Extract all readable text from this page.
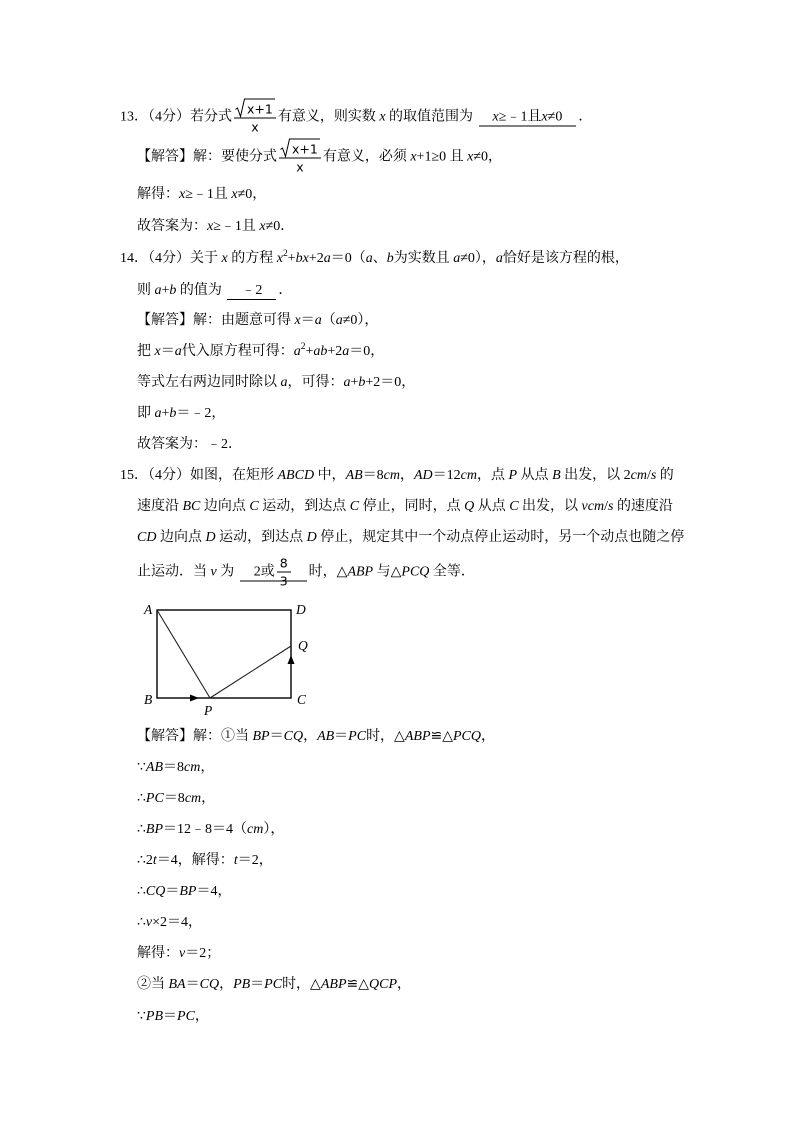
13．（4分）若分式 $\frac{x+1}{x}$ 有意义，则实数 x 的取值范围为 x ≥﹣1且 x ≠0 ．
【解答】解：要使分式 $\frac{x+1}{x}$ 有意义，必须 x +1≥0 且 x ≠0，
解得： x ≥﹣1且 x ≠0，
故答案为： x ≥﹣1且 x ≠0．
14．（4分）关于 x 的方程 x 2 + bx +2 a ＝0（ a 、 b 为实数且 a ≠0）， a 恰好是该方程的根，
则 a + b 的值为 ﹣2 ．
【解答】解：由题意可得 x ＝ a （ a ≠0），
把 x ＝ a 代入原方程可得： a 2 + ab +2 a ＝0，
等式左右两边同时除以 a ，可得： a + b +2＝0，
即 a + b ＝﹣2，
故答案为：﹣2．
15．（4分）如图，在矩形 ABCD 中， AB ＝8 cm ， AD ＝12 cm ，点 P 从点 B 出发，以 2 cm / s 的
速度沿 BC 边向点 C 运动，到达点 C 停止，同时，点 Q 从点 C 出发，以 vcm / s 的速度沿
CD 边向点 D 运动，到达点 D 停止，规定其中一个动点停止运动时，另一个动点也随之停
止运动．当 v 为 2或 $\frac{8}{3}$ 时，△ ABP 与△ PCQ 全等．
A	D
Q
B	C
P
【解答】解：①当 BP ＝ CQ ， AB ＝ PC 时，△ ABP ≌△ PCQ ，
∵ AB ＝8 cm ，
∴ PC ＝8 cm ，
∴ BP ＝12﹣8＝4（ cm ），
∴2 t ＝4，解得： t ＝2，
∴ CQ ＝ BP ＝4，
∴ v ×2＝4，
解得： v ＝2；
②当 BA ＝ CQ ， PB ＝ PC 时，△ ABP ≌△ QCP ，
∵ PB ＝ PC ，
